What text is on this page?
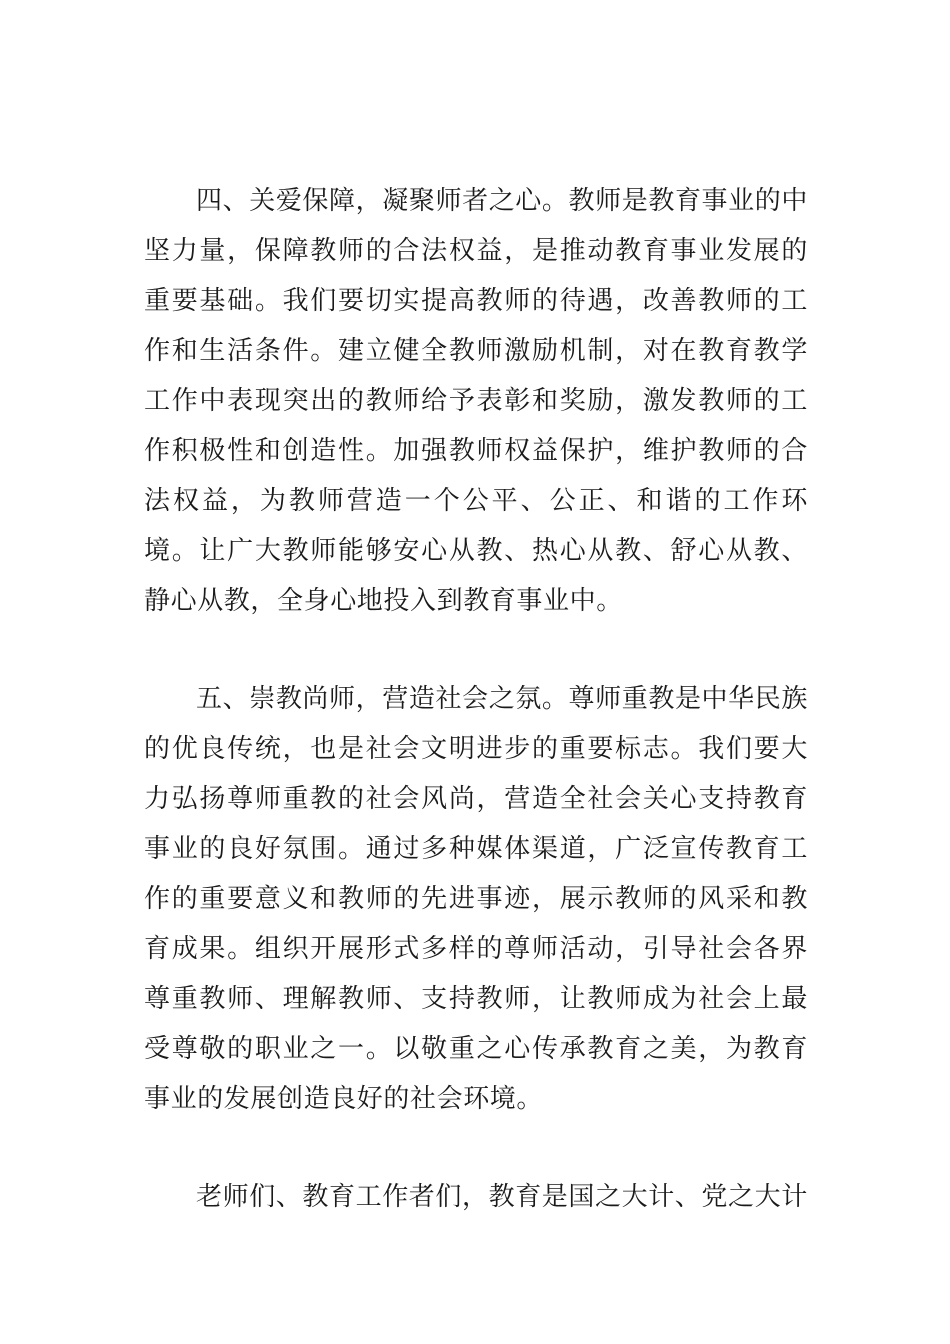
四、关爱保障，凝聚师者之心。教师是教育事业的中坚力量，保障教师的合法权益，是推动教育事业发展的重要基础。我们要切实提高教师的待遇，改善教师的工作和生活条件。建立健全教师激励机制，对在教育教学工作中表现突出的教师给予表彰和奖励，激发教师的工作积极性和创造性。加强教师权益保护，维护教师的合法权益，为教师营造一个公平、公正、和谐的工作环境。让广大教师能够安心从教、热心从教、舒心从教、静心从教，全身心地投入到教育事业中。

五、崇教尚师，营造社会之氛。尊师重教是中华民族的优良传统，也是社会文明进步的重要标志。我们要大力弘扬尊师重教的社会风尚，营造全社会关心支持教育事业的良好氛围。通过多种媒体渠道，广泛宣传教育工作的重要意义和教师的先进事迹，展示教师的风采和教育成果。组织开展形式多样的尊师活动，引导社会各界尊重教师、理解教师、支持教师，让教师成为社会上最受尊敬的职业之一。以敬重之心传承教育之美，为教育事业的发展创造良好的社会环境。

老师们、教育工作者们，教育是国之大计、党之大计
